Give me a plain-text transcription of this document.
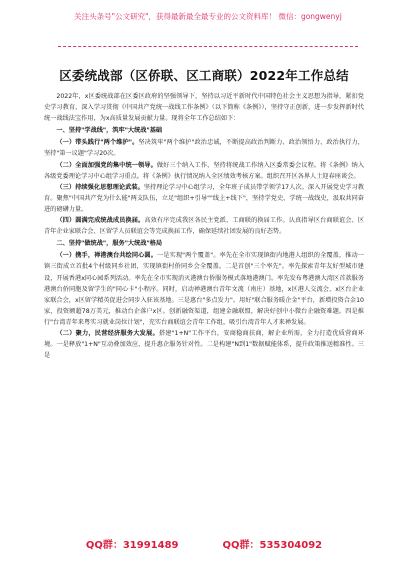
关注头条号"公文研究"，获得最新最全最专业的公文资料库！ 微信：gongwenyj
区委统战部（区侨联、区工商联）2022年工作总结

2022年，x区委统战部在区委区政府的坚强领导下，坚持以习近平新时代中国特色社会主义思想为指导，紧扣党史学习教育，深入学习贯彻《中国共产党统一战线工作条例》（以下简称《条例》），坚持守正创新，进一步发挥新时代统一战线法宝作用，为x高质量发展贡献力量。现将全年工作总结如下：

一、坚持"学战线"，筑牢"大统战"基础

（一）带头践行"两个维护"。坚决筑牢"两个维护"政治忠诚，不断提高政治判断力、政治领悟力、政治执行力，坚持"第一议题"学习20次。

（二）全面加强党的集中统一领导。做好三个纳入工作，坚持将统战工作纳入区委常委会议程。将《条例》纳入各级党委理论学习中心组学习重点。将《条例》执行情况纳入全区绩效考核方案。组织召开区各界人士迎春座谈会。

（三）持续强化思想理论武装。坚持理论学习中心组学习，全年班子成员带学领学17人次。深入开展党史学习教育。聚焦"中国共产党为什么能"两支队伍，立足"组织+引导""线上+线下"，坚持学党史、学统一战线史，汲取共同奋进的磅礴力量。

（四）圆满完成统战成员换届。高效有序完成我区各民主党派、工商联的换届工作。认真指导区台商联谊会、区青年企业家联合会、区留学人员联谊会等完成换届工作，确保延续社团发展的良好态势。

二、坚持"做统战"，服务"大统战"格局

（一）携手，禅港澳台共绘同心圆。一是实现"两个覆盖"。率先在全市实现镇街内地港人组织的全覆盖，推动一镇三街成立首批4个村级同乡社团，实现镇街村侨同乡会全覆盖。二是首创"三个率先"。率先探索青年友好型城市建设，开展香港x同心园系列活动。率先在全市实现消灭港澳台侨服务模式落地港澳门。率先发布粤港澳大湾区首款服务港澳台侨同胞及留学生的"同心卡"小程序。同时，启动禅港澳台青年文流（南庄）基地，x区港人交流会、x区台企业家联合会，x区留学精英促进会同步入驻该基地。三是惠台"多点发力"。用好"联合服务暖企金"平台，新增投资合金10家，投资额超78万美元，推动台企落户x区。创新融资渠道，组建金融联盟，解决好创中小微台企融资难题。四是推行"台湾青年来粤实习就业岗位计划"，充实台商联谊会青年工作组，吸引台湾青年人才来禅发展。

（二）聚力，民营经济服务大发展。搭建"1+N"工作平台，安商稳商扶商，解企业所需，全力打造优质营商环境。一是释放"1+N"互动叠加效应，提升惠企服务针对性。二是构建"N到1"数据赋能体系，提升政策推送精准性。三是

QQ群：31991489	QQ群：535304092
